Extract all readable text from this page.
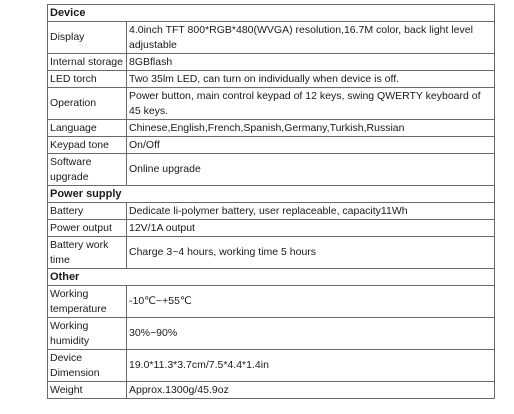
Device	
Display	4.0inch TFT 800*RGB*480(WVGA) resolution,16.7M color, back light level adjustable
Internal storage	8GBflash
LED torch	Two 35lm LED, can turn on individually when device is off.
Operation	Power button, main control keypad of 12 keys, swing QWERTY keyboard of 45 keys.
Language	Chinese,English,French,Spanish,Germany,Turkish,Russian
Keypad tone	On/Off
Software upgrade	Online upgrade
Power supply	
Battery	Dedicate li-polymer battery, user replaceable, capacity11Wh
Power output	12V/1A output
Battery work time	Charge 3~4 hours, working time 5 hours
Other	
Working temperature	-10℃~+55℃
Working humidity	30%~90%
Device Dimension	19.0*11.3*3.7cm/7.5*4.4*1.4in
Weight	Approx.1300g/45.9oz
